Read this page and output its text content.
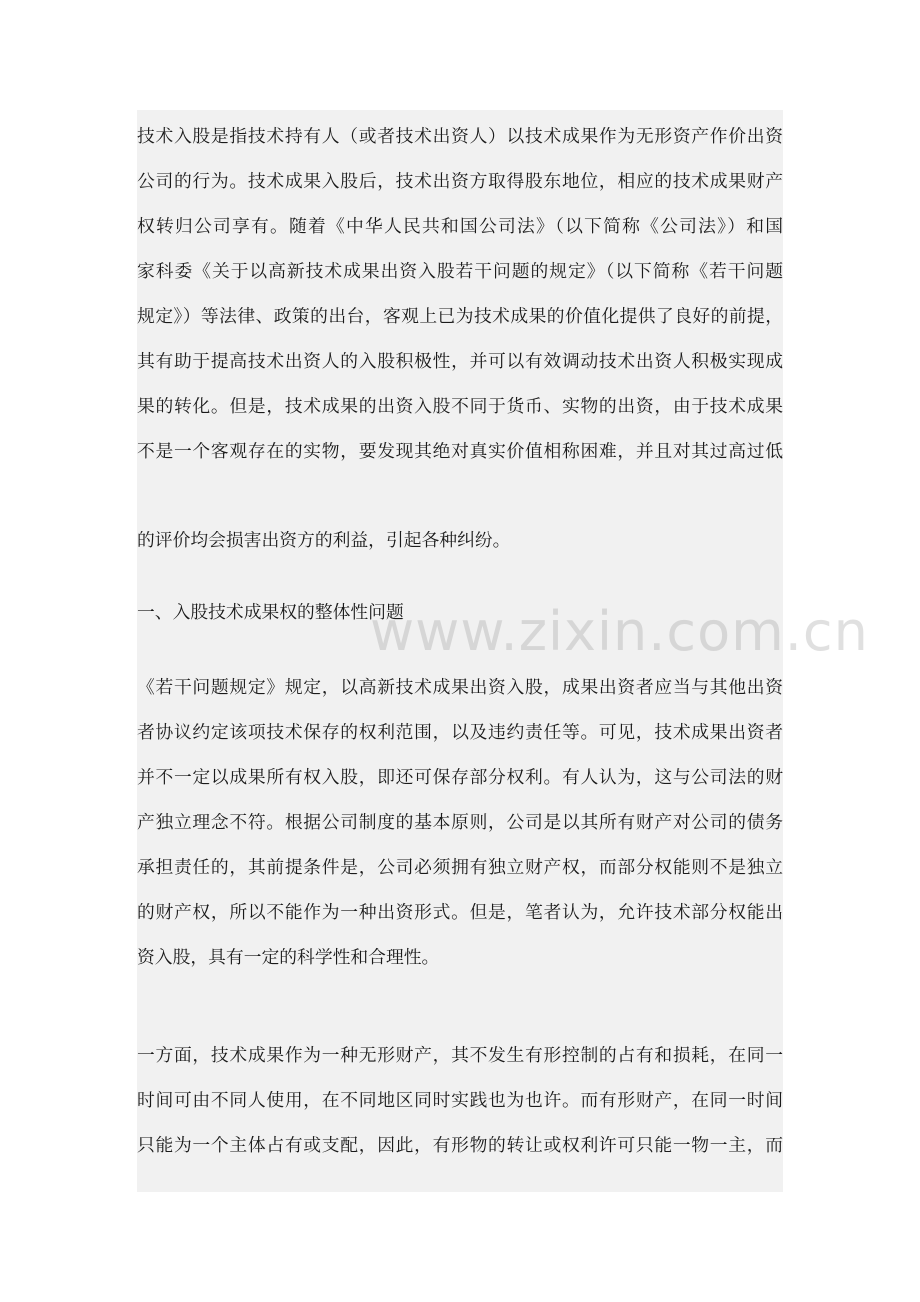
技术入股是指技术持有人（或者技术出资人）以技术成果作为无形资产作价出资
公司的行为。技术成果入股后，技术出资方取得股东地位，相应的技术成果财产
权转归公司享有。随着《中华人民共和国公司法》（以下简称《公司法》）和国
家科委《关于以高新技术成果出资入股若干问题的规定》（以下简称《若干问题
规定》）等法律、政策的出台，客观上已为技术成果的价值化提供了良好的前提，
其有助于提高技术出资人的入股积极性，并可以有效调动技术出资人积极实现成
果的转化。但是，技术成果的出资入股不同于货币、实物的出资，由于技术成果
不是一个客观存在的实物，要发现其绝对真实价值相称困难，并且对其过高过低
的评价均会损害出资方的利益，引起各种纠纷。
一、入股技术成果权的整体性问题
《若干问题规定》规定，以高新技术成果出资入股，成果出资者应当与其他出资
者协议约定该项技术保存的权利范围，以及违约责任等。可见，技术成果出资者
并不一定以成果所有权入股，即还可保存部分权利。有人认为，这与公司法的财
产独立理念不符。根据公司制度的基本原则，公司是以其所有财产对公司的债务
承担责任的，其前提条件是，公司必须拥有独立财产权，而部分权能则不是独立
的财产权，所以不能作为一种出资形式。但是，笔者认为，允许技术部分权能出
资入股，具有一定的科学性和合理性。
一方面，技术成果作为一种无形财产，其不发生有形控制的占有和损耗，在同一
时间可由不同人使用，在不同地区同时实践也为也许。而有形财产，在同一时间
只能为一个主体占有或支配，因此，有形物的转让或权利许可只能一物一主，而
www.zixin.com.cn
